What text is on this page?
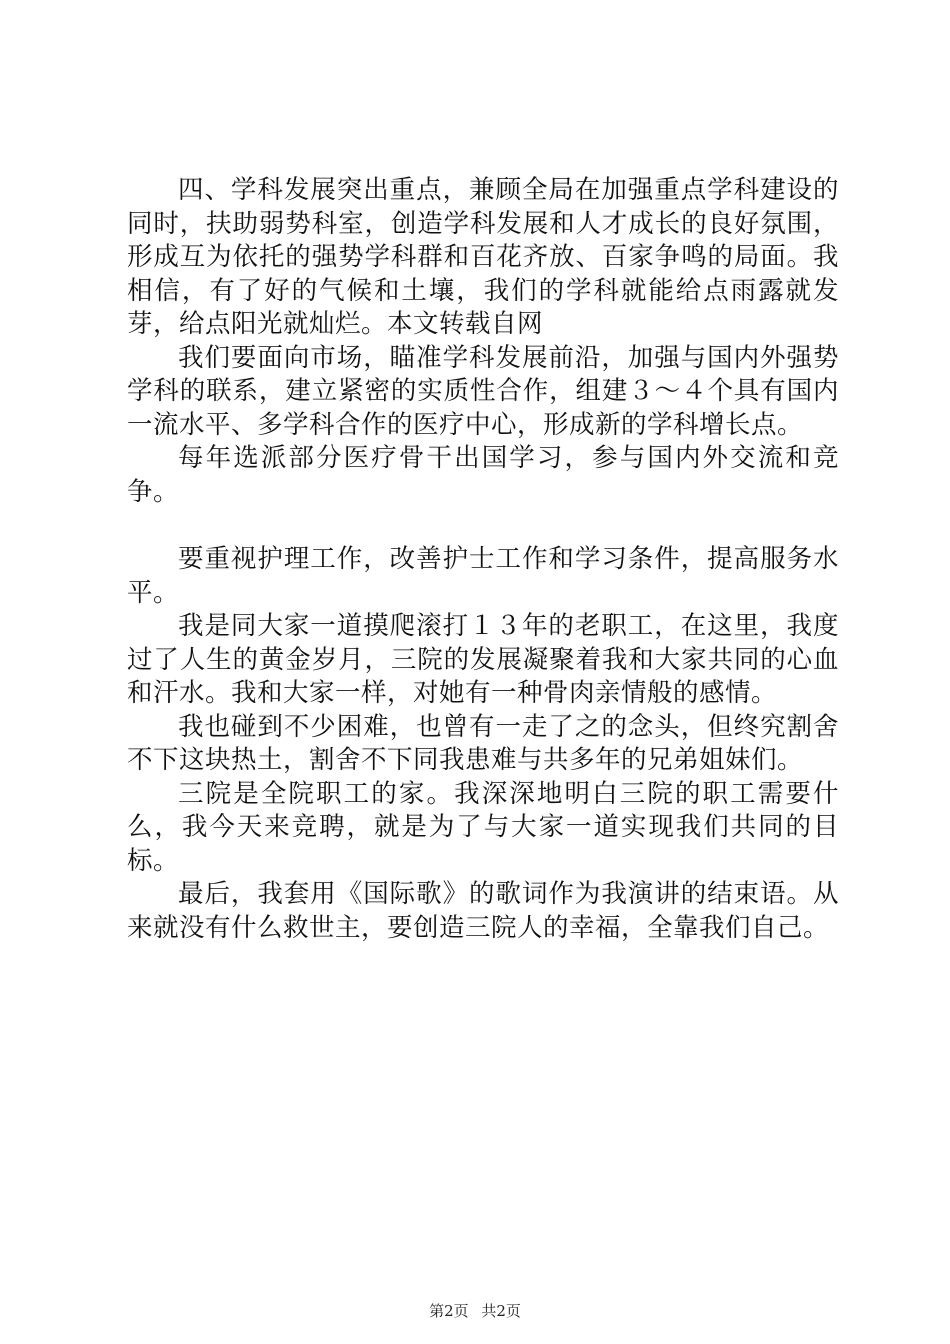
四、学科发展突出重点，兼顾全局在加强重点学科建设的同时，扶助弱势科室，创造学科发展和人才成长的良好氛围，形成互为依托的强势学科群和百花齐放、百家争鸣的局面。我相信，有了好的气候和土壤，我们的学科就能给点雨露就发芽，给点阳光就灿烂。本文转载自网

我们要面向市场，瞄准学科发展前沿，加强与国内外强势学科的联系，建立紧密的实质性合作，组建３～４个具有国内一流水平、多学科合作的医疗中心，形成新的学科增长点。

每年选派部分医疗骨干出国学习，参与国内外交流和竞争。

要重视护理工作，改善护士工作和学习条件，提高服务水平。

我是同大家一道摸爬滚打１３年的老职工，在这里，我度过了人生的黄金岁月，三院的发展凝聚着我和大家共同的心血和汗水。我和大家一样，对她有一种骨肉亲情般的感情。

我也碰到不少困难，也曾有一走了之的念头，但终究割舍不下这块热土，割舍不下同我患难与共多年的兄弟姐妹们。

三院是全院职工的家。我深深地明白三院的职工需要什么，我今天来竞聘，就是为了与大家一道实现我们共同的目标。

最后，我套用《国际歌》的歌词作为我演讲的结束语。从来就没有什么救世主，要创造三院人的幸福，全靠我们自己。

第2页 共2页
